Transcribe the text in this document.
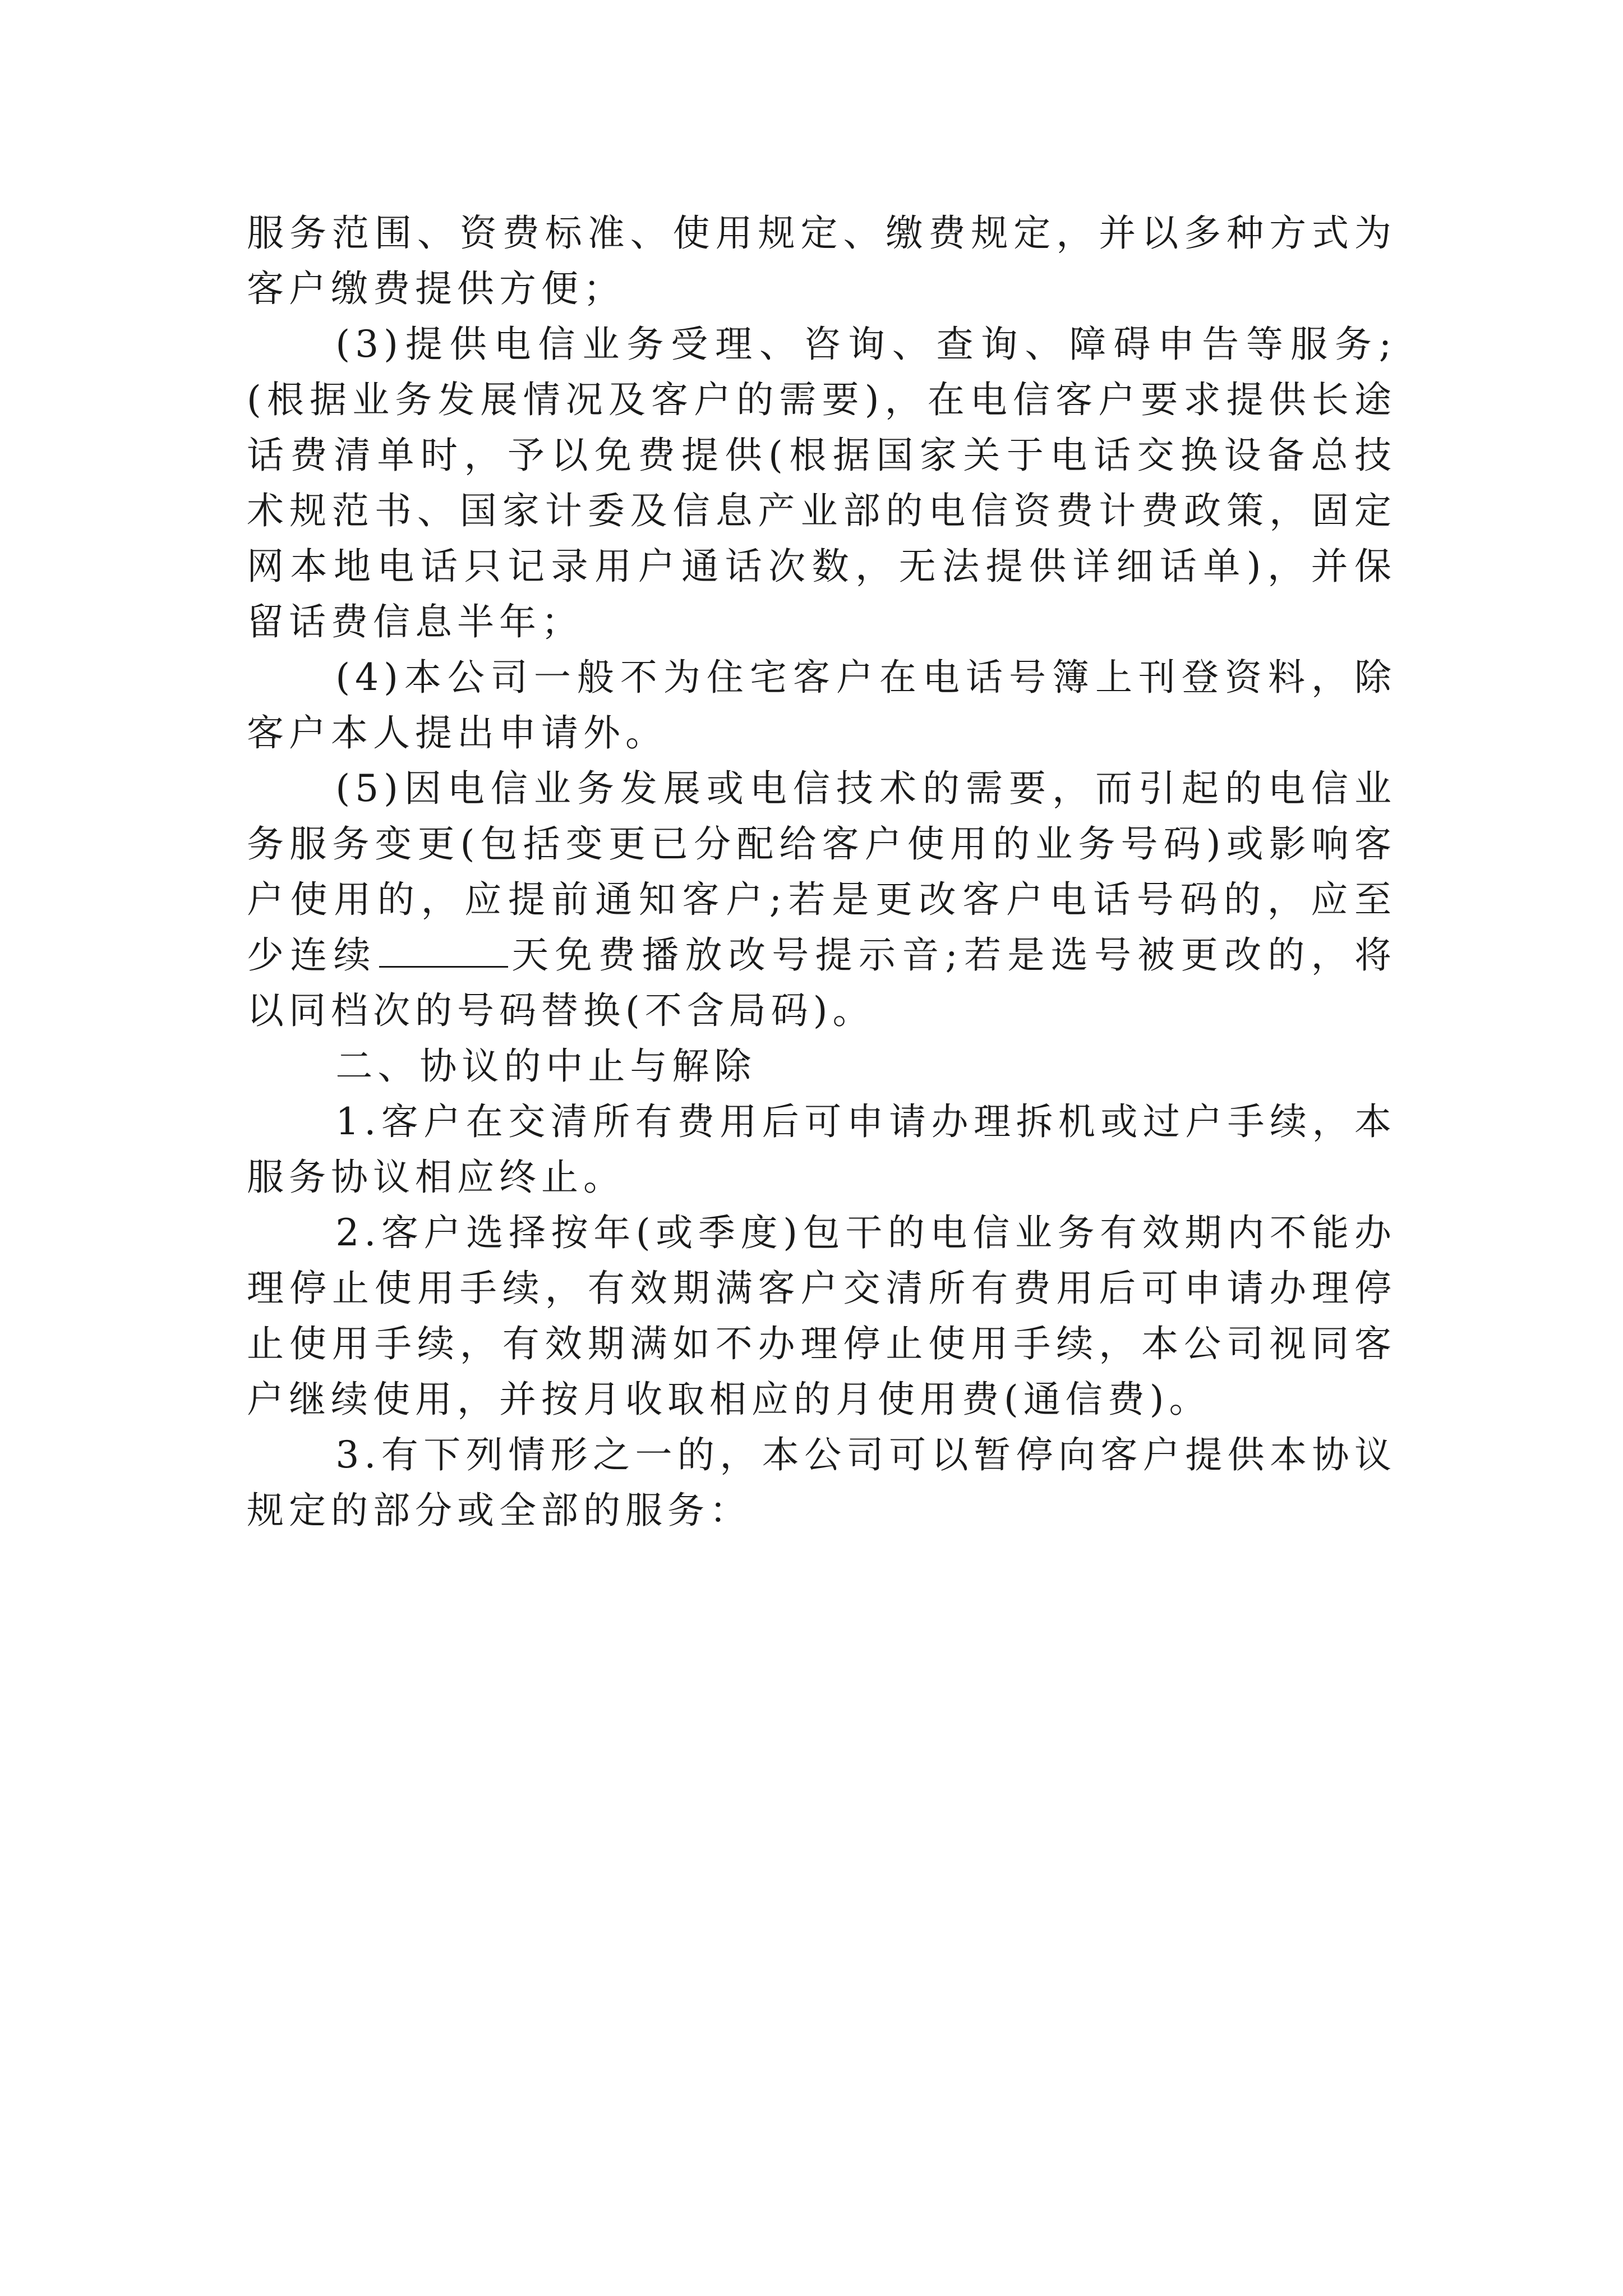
服务范围、资费标准、使用规定、缴费规定，并以多种方式为客户缴费提供方便；

(3)提供电信业务受理、咨询、查询、障碍申告等服务;(根据业务发展情况及客户的需要)，在电信客户要求提供长途话费清单时，予以免费提供(根据国家关于电话交换设备总技术规范书、国家计委及信息产业部的电信资费计费政策，固定网本地电话只记录用户通话次数，无法提供详细话单)，并保留话费信息半年；

(4)本公司一般不为住宅客户在电话号簿上刊登资料，除客户本人提出申请外。

(5)因电信业务发展或电信技术的需要，而引起的电信业务服务变更(包括变更已分配给客户使用的业务号码)或影响客户使用的，应提前通知客户;若是更改客户电话号码的，应至少连续	天免费播放改号提示音;若是选号被更改的，将以同档次的号码替换(不含局码)。

二、协议的中止与解除

1.客户在交清所有费用后可申请办理拆机或过户手续，本服务协议相应终止。

2.客户选择按年(或季度)包干的电信业务有效期内不能办理停止使用手续，有效期满客户交清所有费用后可申请办理停止使用手续，有效期满如不办理停止使用手续，本公司视同客户继续使用，并按月收取相应的月使用费(通信费)。

3.有下列情形之一的，本公司可以暂停向客户提供本协议规定的部分或全部的服务：
